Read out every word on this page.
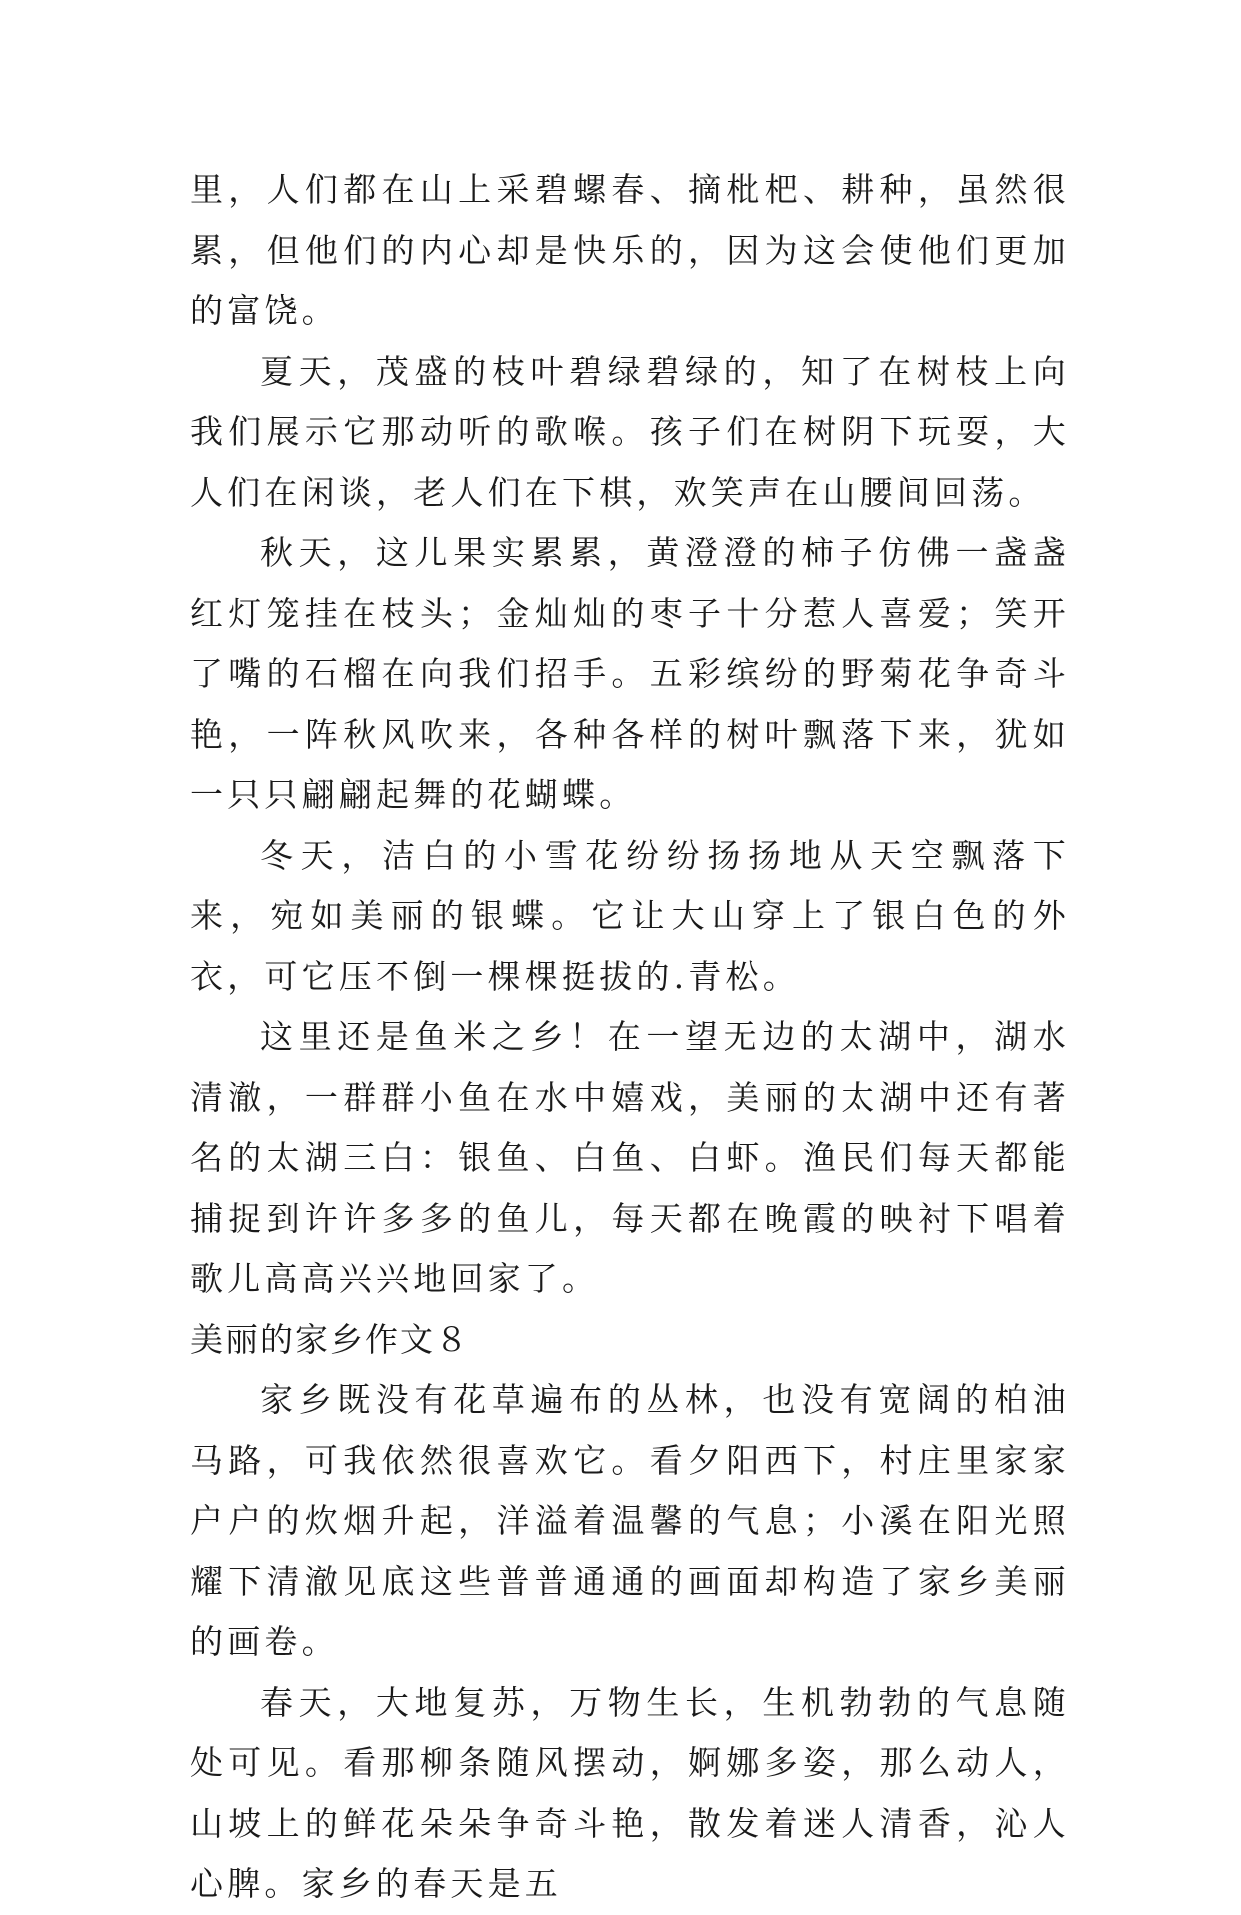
里，人们都在山上采碧螺春、摘枇杷、耕种，虽然很累，但他们的内心却是快乐的，因为这会使他们更加的富饶。

夏天，茂盛的枝叶碧绿碧绿的，知了在树枝上向我们展示它那动听的歌喉。孩子们在树阴下玩耍，大人们在闲谈，老人们在下棋，欢笑声在山腰间回荡。

秋天，这儿果实累累，黄澄澄的柿子仿佛一盏盏红灯笼挂在枝头；金灿灿的枣子十分惹人喜爱；笑开了嘴的石榴在向我们招手。五彩缤纷的野菊花争奇斗艳，一阵秋风吹来，各种各样的树叶飘落下来，犹如一只只翩翩起舞的花蝴蝶。

冬天，洁白的小雪花纷纷扬扬地从天空飘落下来，宛如美丽的银蝶。它让大山穿上了银白色的外衣，可它压不倒一棵棵挺拔的.青松。

这里还是鱼米之乡！在一望无边的太湖中，湖水清澈，一群群小鱼在水中嬉戏，美丽的太湖中还有著名的太湖三白：银鱼、白鱼、白虾。渔民们每天都能捕捉到许许多多的鱼儿，每天都在晚霞的映衬下唱着歌儿高高兴兴地回家了。

美丽的家乡作文８

家乡既没有花草遍布的丛林，也没有宽阔的柏油马路，可我依然很喜欢它。看夕阳西下，村庄里家家户户的炊烟升起，洋溢着温馨的气息；小溪在阳光照耀下清澈见底这些普普通通的画面却构造了家乡美丽的画卷。

春天，大地复苏，万物生长，生机勃勃的气息随处可见。看那柳条随风摆动，婀娜多姿，那么动人，山坡上的鲜花朵朵争奇斗艳，散发着迷人清香，沁人心脾。家乡的春天是五
